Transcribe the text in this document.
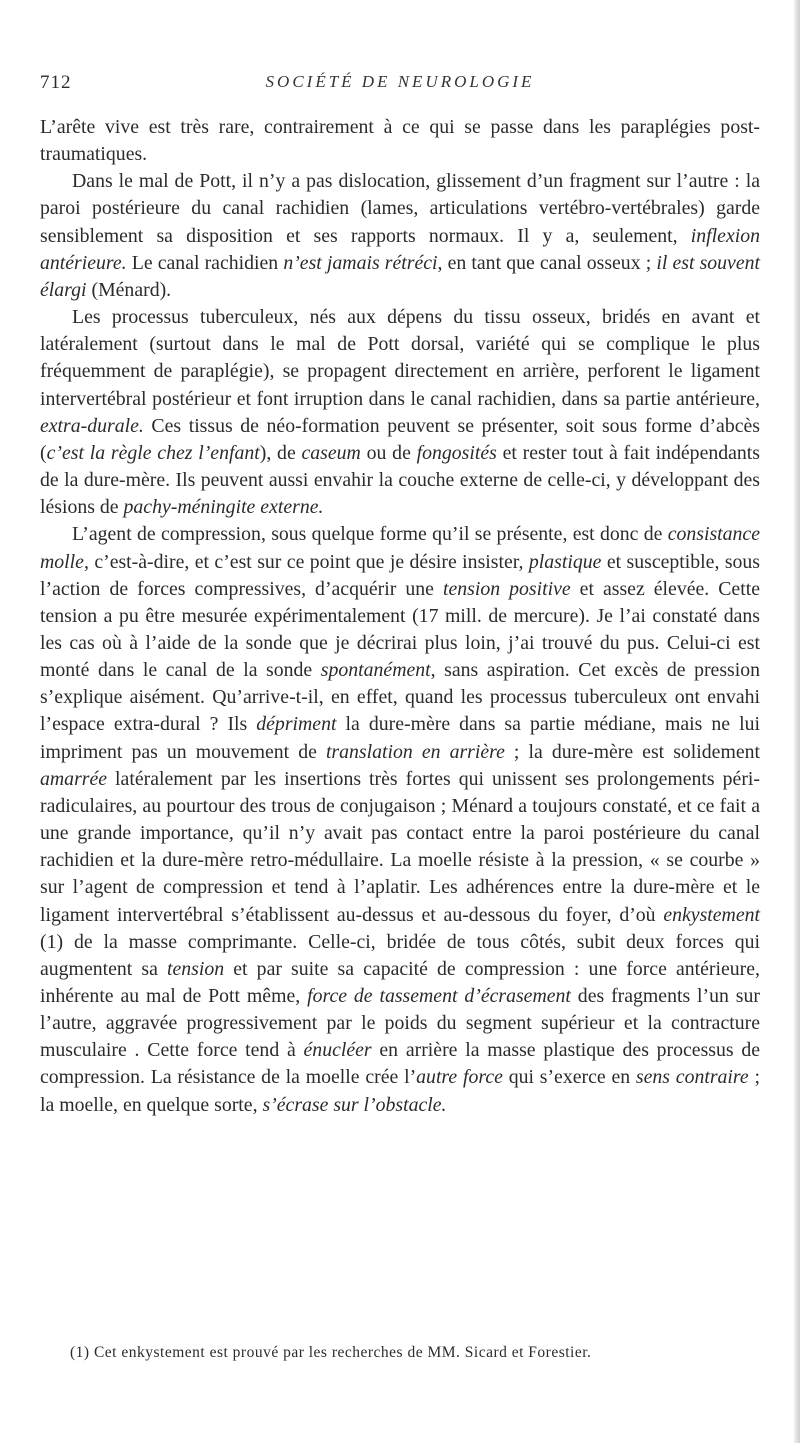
712	SOCIÉTÉ DE NEUROLOGIE

L’arête vive est très rare, contrairement à ce qui se passe dans les paraplégies post-traumatiques.

Dans le mal de Pott, il n’y a pas dislocation, glissement d’un fragment sur l’autre : la paroi postérieure du canal rachidien (lames, articulations vertébro-vertébrales) garde sensiblement sa disposition et ses rapports normaux. Il y a, seulement, inflexion antérieure. Le canal rachidien n’est jamais rétréci, en tant que canal osseux ; il est souvent élargi (Ménard).

Les processus tuberculeux, nés aux dépens du tissu osseux, bridés en avant et latéralement (surtout dans le mal de Pott dorsal, variété qui se complique le plus fréquemment de paraplégie), se propagent directement en arrière, perforent le ligament intervertébral postérieur et font irruption dans le canal rachidien, dans sa partie antérieure, extra-durale. Ces tissus de néo-formation peuvent se présenter, soit sous forme d’abcès (c’est la règle chez l’enfant), de caseum ou de fongosités et rester tout à fait indépendants de la dure-mère. Ils peuvent aussi envahir la couche externe de celle-ci, y développant des lésions de pachy-méningite externe.

L’agent de compression, sous quelque forme qu’il se présente, est donc de consistance molle, c’est-à-dire, et c’est sur ce point que je désire insister, plastique et susceptible, sous l’action de forces compressives, d’acquérir une tension positive et assez élevée. Cette tension a pu être mesurée expérimentalement (17 mill. de mercure). Je l’ai constaté dans les cas où à l’aide de la sonde que je décrirai plus loin, j’ai trouvé du pus. Celui-ci est monté dans le canal de la sonde spontanément, sans aspiration. Cet excès de pression s’explique aisément. Qu’arrive-t-il, en effet, quand les processus tuberculeux ont envahi l’espace extra-dural ? Ils dépriment la dure-mère dans sa partie médiane, mais ne lui impriment pas un mouvement de translation en arrière ; la dure-mère est solidement amarrée latéralement par les insertions très fortes qui unissent ses prolongements péri-radiculaires, au pourtour des trous de conjugaison ; Ménard a toujours constaté, et ce fait a une grande importance, qu’il n’y avait pas contact entre la paroi postérieure du canal rachidien et la dure-mère retro-médullaire. La moelle résiste à la pression, « se courbe » sur l’agent de compression et tend à l’aplatir. Les adhérences entre la dure-mère et le ligament intervertébral s’établissent au-dessus et au-dessous du foyer, d’où enkystement (1) de la masse comprimante. Celle-ci, bridée de tous côtés, subit deux forces qui augmentent sa tension et par suite sa capacité de compression : une force antérieure, inhérente au mal de Pott même, force de tassement d’écrasement des fragments l’un sur l’autre, aggravée progressivement par le poids du segment supérieur et la contracture musculaire . Cette force tend à énucléer en arrière la masse plastique des processus de compression. La résistance de la moelle crée l’autre force qui s’exerce en sens contraire ; la moelle, en quelque sorte, s’écrase sur l’obstacle.

(1) Cet enkystement est prouvé par les recherches de MM. Sicard et Forestier.
